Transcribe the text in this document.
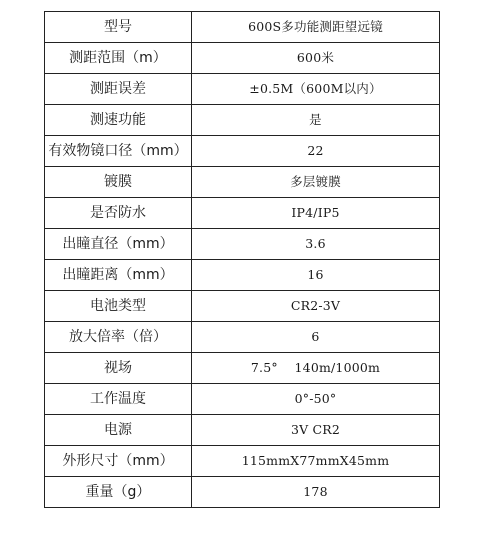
型号	600S多功能测距望远镜
测距范围（m）	600米
测距误差	±0.5M（600M以内）
测速功能	是
有效物镜口径（mm）	22
镀膜	多层镀膜
是否防水	IP4/IP5
出瞳直径（mm）	3.6
出瞳距离（mm）	16
电池类型	CR2-3V
放大倍率（倍）	6
视场	7.5°    140m/1000m
工作温度	0°-50°
电源	3V CR2
外形尺寸（mm）	115mmX77mmX45mm
重量（g）	178
